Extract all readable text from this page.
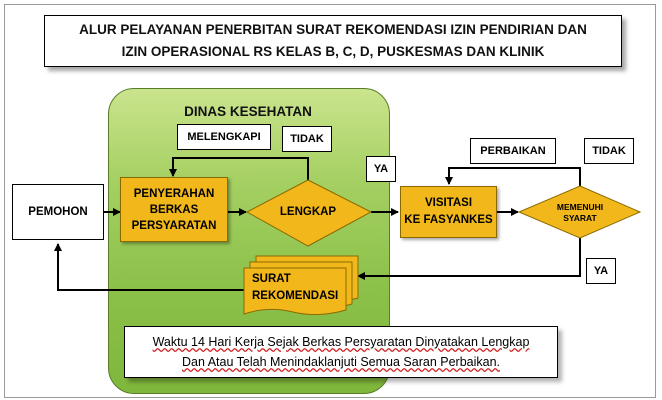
ALUR PELAYANAN PENERBITAN SURAT REKOMENDASI IZIN PENDIRIAN DAN
IZIN OPERASIONAL RS KELAS B, C, D, PUSKESMAS DAN KLINIK
DINAS KESEHATAN
PEMOHON
PENYERAHAN
BERKAS
PERSYARATAN
LENGKAP
MELENGKAPI	TIDAK
YA
VISITASI
KE FASYANKES
PERBAIKAN	TIDAK
MEMENUHI
SYARAT
YA
SURAT
REKOMENDASI
Waktu 14 Hari Kerja Sejak Berkas Persyaratan Dinyatakan Lengkap
Dan Atau Telah Menindaklanjuti Semua Saran Perbaikan.
